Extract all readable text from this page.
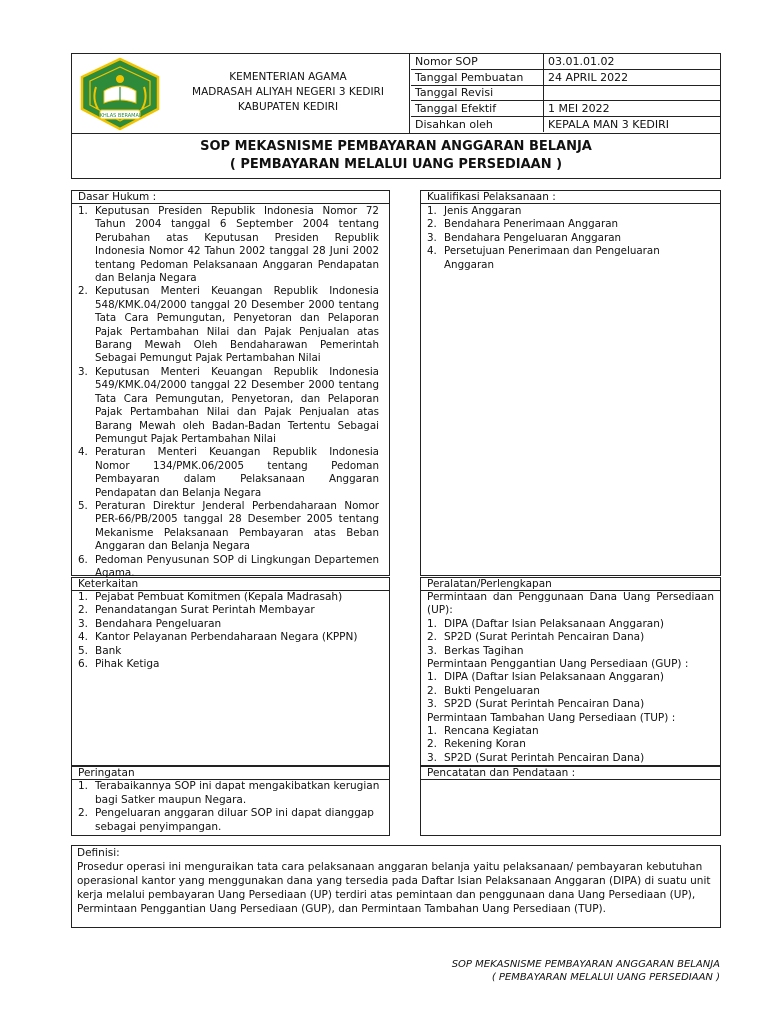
IKHLAS BERAMAL
KEMENTERIAN AGAMA
MADRASAH ALIYAH NEGERI 3 KEDIRI
KABUPATEN KEDIRI
Nomor SOP	03.01.01.02
Tanggal Pembuatan	24 APRIL 2022
Tanggal Revisi	
Tanggal Efektif	1 MEI 2022
Disahkan oleh	KEPALA MAN 3 KEDIRI
SOP MEKASNISME PEMBAYARAN ANGGARAN BELANJA
( PEMBAYARAN MELALUI UANG PERSEDIAAN )
Dasar Hukum :
1. Keputusan Presiden Republik Indonesia Nomor 72 Tahun 2004 tanggal 6 September 2004 tentang Perubahan atas Keputusan Presiden Republik Indonesia Nomor 42 Tahun 2002 tanggal 28 Juni 2002 tentang Pedoman Pelaksanaan Anggaran Pendapatan dan Belanja Negara
2. Keputusan Menteri Keuangan Republik Indonesia 548/KMK.04/2000 tanggal 20 Desember 2000 tentang Tata Cara Pemungutan, Penyetoran dan Pelaporan Pajak Pertambahan Nilai dan Pajak Penjualan atas Barang Mewah Oleh Bendaharawan Pemerintah Sebagai Pemungut Pajak Pertambahan Nilai
3. Keputusan Menteri Keuangan Republik Indonesia 549/KMK.04/2000 tanggal 22 Desember 2000 tentang Tata Cara Pemungutan, Penyetoran, dan Pelaporan Pajak Pertambahan Nilai dan Pajak Penjualan atas Barang Mewah oleh Badan-Badan Tertentu Sebagai Pemungut Pajak Pertambahan Nilai
4. Peraturan Menteri Keuangan Republik Indonesia Nomor 134/PMK.06/2005 tentang Pedoman Pembayaran dalam Pelaksanaan Anggaran Pendapatan dan Belanja Negara
5. Peraturan Direktur Jenderal Perbendaharaan Nomor PER-66/PB/2005 tanggal 28 Desember 2005 tentang Mekanisme Pelaksanaan Pembayaran atas Beban Anggaran dan Belanja Negara
6. Pedoman Penyusunan SOP di Lingkungan Departemen Agama.
Kualifikasi Pelaksanaan :
1. Jenis Anggaran
2. Bendahara Penerimaan Anggaran
3. Bendahara Pengeluaran Anggaran
4. Persetujuan Penerimaan dan Pengeluaran Anggaran
Keterkaitan
1. Pejabat Pembuat Komitmen (Kepala Madrasah)
2. Penandatangan Surat Perintah Membayar
3. Bendahara Pengeluaran
4. Kantor Pelayanan Perbendaharaan Negara (KPPN)
5. Bank
6. Pihak Ketiga
Peralatan/Perlengkapan
Permintaan dan Penggunaan Dana Uang Persediaan (UP):
1. DIPA (Daftar Isian Pelaksanaan Anggaran)
2. SP2D (Surat Perintah Pencairan Dana)
3. Berkas Tagihan
Permintaan Penggantian Uang Persediaan (GUP) :
1. DIPA (Daftar Isian Pelaksanaan Anggaran)
2. Bukti Pengeluaran
3. SP2D (Surat Perintah Pencairan Dana)
Permintaan Tambahan Uang Persediaan (TUP) :
1. Rencana Kegiatan
2. Rekening Koran
3. SP2D (Surat Perintah Pencairan Dana)
Peringatan
1. Terabaikannya SOP ini dapat mengakibatkan kerugian bagi Satker maupun Negara.
2. Pengeluaran anggaran diluar SOP ini dapat dianggap sebagai penyimpangan.
Pencatatan dan Pendataan :
Definisi:
Prosedur operasi ini menguraikan tata cara pelaksanaan anggaran belanja yaitu pelaksanaan/ pembayaran kebutuhan operasional kantor yang menggunakan dana yang tersedia pada Daftar Isian Pelaksanaan Anggaran (DIPA) di suatu unit kerja melalui pembayaran Uang Persediaan (UP) terdiri atas pemintaan dan penggunaan dana Uang Persediaan (UP), Permintaan Penggantian Uang Persediaan (GUP), dan Permintaan Tambahan Uang Persediaan (TUP).
SOP MEKASNISME PEMBAYARAN ANGGARAN BELANJA
( PEMBAYARAN MELALUI UANG PERSEDIAAN )
